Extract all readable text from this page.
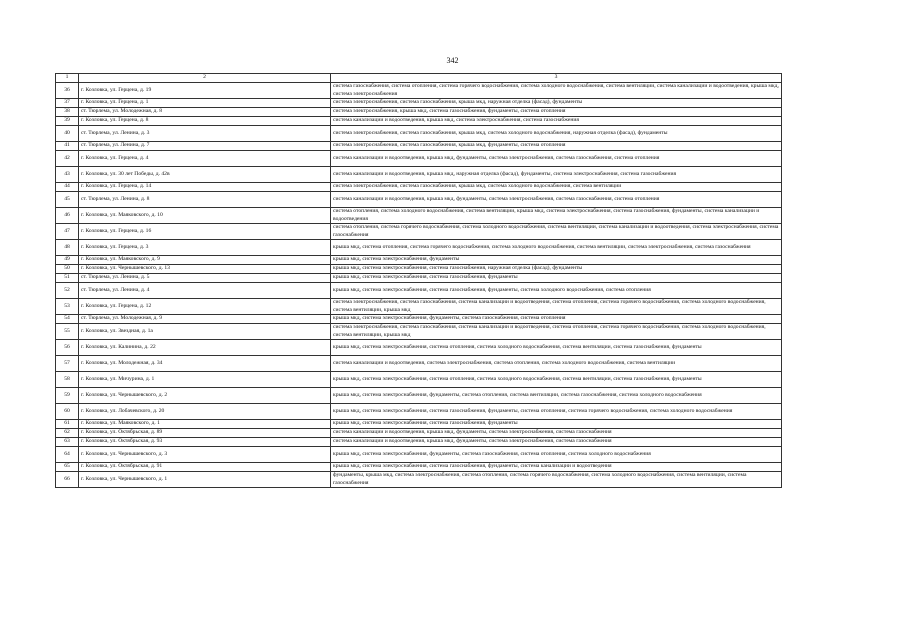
342
1	2	3
36	г. Козловка, ул. Герцена, д. 19	система газоснабжения, система отопления, система горячего водоснабжения, система холодного водоснабжения, система вентиляции, система канализации и водоотведения, крыша мкд, система электроснабжения
37	г. Козловка, ул. Герцена, д. 1	система электроснабжения, система газоснабжения, крыша мкд, наружная отделка (фасад), фундаменты
38	ст. Тюрлема, ул. Молодежная, д. 8	система электроснабжения, крыша мкд, система газоснабжения, фундаменты, система отопления
39	г. Козловка, ул. Герцена, д. 8	система канализации и водоотведения, крыша мкд, система электроснабжения, система газоснабжения
40	ст. Тюрлема, ул. Ленина, д. 3	система электроснабжения, система газоснабжения, крыша мкд, система холодного водоснабжения, наружная отделка (фасад), фундаменты
41	ст. Тюрлема, ул. Ленина, д. 7	система электроснабжения, система газоснабжения, крыша мкд, фундаменты, система отопления
42	г. Козловка, ул. Герцена, д. 4	система канализации и водоотведения, крыша мкд, фундаменты, система электроснабжения, система газоснабжения, система отопления
43	г. Козловка, ул. 30 лет Победы, д. 42в	система канализации и водоотведения, крыша мкд, наружная отделка (фасад), фундаменты, система электроснабжения, система газоснабжения
44	г. Козловка, ул. Герцена, д. 14	система электроснабжения, система газоснабжения, крыша мкд, система холодного водоснабжения, система вентиляции
45	ст. Тюрлема, ул. Ленина, д. 8	система канализации и водоотведения, крыша мкд, фундаменты, система электроснабжения, система газоснабжения, система отопления
46	г. Козловка, ул. Маяковского, д. 10	система отопления, система холодного водоснабжения, система вентиляции, крыша мкд, система электроснабжения, система газоснабжения, фундаменты, система канализации и водоотведения
47	г. Козловка, ул. Герцена, д. 16	система отопления, система горячего водоснабжения, система холодного водоснабжения, система вентиляции, система канализации и водоотведения, система электроснабжения, система газоснабжения
48	г. Козловка, ул. Герцена, д. 3	крыша мкд, система отопления, система горячего водоснабжения, система холодного водоснабжения, система вентиляции, система электроснабжения, система газоснабжения
49	г. Козловка, ул. Маяковского, д. 9	крыша мкд, система электроснабжения, фундаменты
50	г. Козловка, ул. Чернышевского, д. 13	крыша мкд, система электроснабжения, система газоснабжения, наружная отделка (фасад), фундаменты
51	ст. Тюрлема, ул. Ленина, д. 5	крыша мкд, система электроснабжения, система газоснабжения, фундаменты
52	ст. Тюрлема, ул. Ленина, д. 4	крыша мкд, система электроснабжения, система газоснабжения, фундаменты, система холодного водоснабжения, система отопления
53	г. Козловка, ул. Герцена, д. 12	система электроснабжения, система газоснабжения, система канализации и водоотведения, система отопления, система горячего водоснабжения, система холодного водоснабжения, система вентиляции, крыша мкд
54	ст. Тюрлема, ул. Молодежная, д. 9	крыша мкд, система электроснабжения, фундаменты, система газоснабжения, система отопления
55	г. Козловка, ул. Звездная, д. 1а	система электроснабжения, система газоснабжения, система канализации и водоотведения, система отопления, система горячего водоснабжения, система холодного водоснабжения, система вентиляции, крыша мкд
56	г. Козловка, ул. Калинина, д. 22	крыша мкд, система электроснабжения, система отопления, система холодного водоснабжения, система вентиляции, система газоснабжения, фундаменты
57	г. Козловка, ул. Молодежная, д. 34	система канализации и водоотведения, система электроснабжения, система отопления, система холодного водоснабжения, система вентиляции
58	г. Козловка, ул. Мичурина, д. 1	крыша мкд, система электроснабжения, система отопления, система холодного водоснабжения, система вентиляции, система газоснабжения, фундаменты
59	г. Козловка, ул. Чернышевского, д. 2	крыша мкд, система электроснабжения, фундаменты, система отопления, система вентиляции, система газоснабжения, система холодного водоснабжения
60	г. Козловка, ул. Лобачевского, д. 20	крыша мкд, система электроснабжения, система газоснабжения, фундаменты, система отопления, система горячего водоснабжения, система холодного водоснабжения
61	г. Козловка, ул. Маяковского, д. 1	крыша мкд, система электроснабжения, система газоснабжения, фундаменты
62	г. Козловка, ул. Октябрьская, д. 89	система канализации и водоотведения, крыша мкд, фундаменты, система электроснабжения, система газоснабжения
63	г. Козловка, ул. Октябрьская, д. 93	система канализации и водоотведения, крыша мкд, фундаменты, система электроснабжения, система газоснабжения
64	г. Козловка, ул. Чернышевского, д. 3	крыша мкд, система электроснабжения, фундаменты, система газоснабжения, система отопления, система холодного водоснабжения
65	г. Козловка, ул. Октябрьская, д. 91	крыша мкд, система электроснабжения, система газоснабжения, фундаменты, система канализации и водоотведения
66	г. Козловка, ул. Чернышевского, д. 1	фундаменты, крыша мкд, система электроснабжения, система отопления, система горячего водоснабжения, система холодного водоснабжения, система вентиляции, система газоснабжения
